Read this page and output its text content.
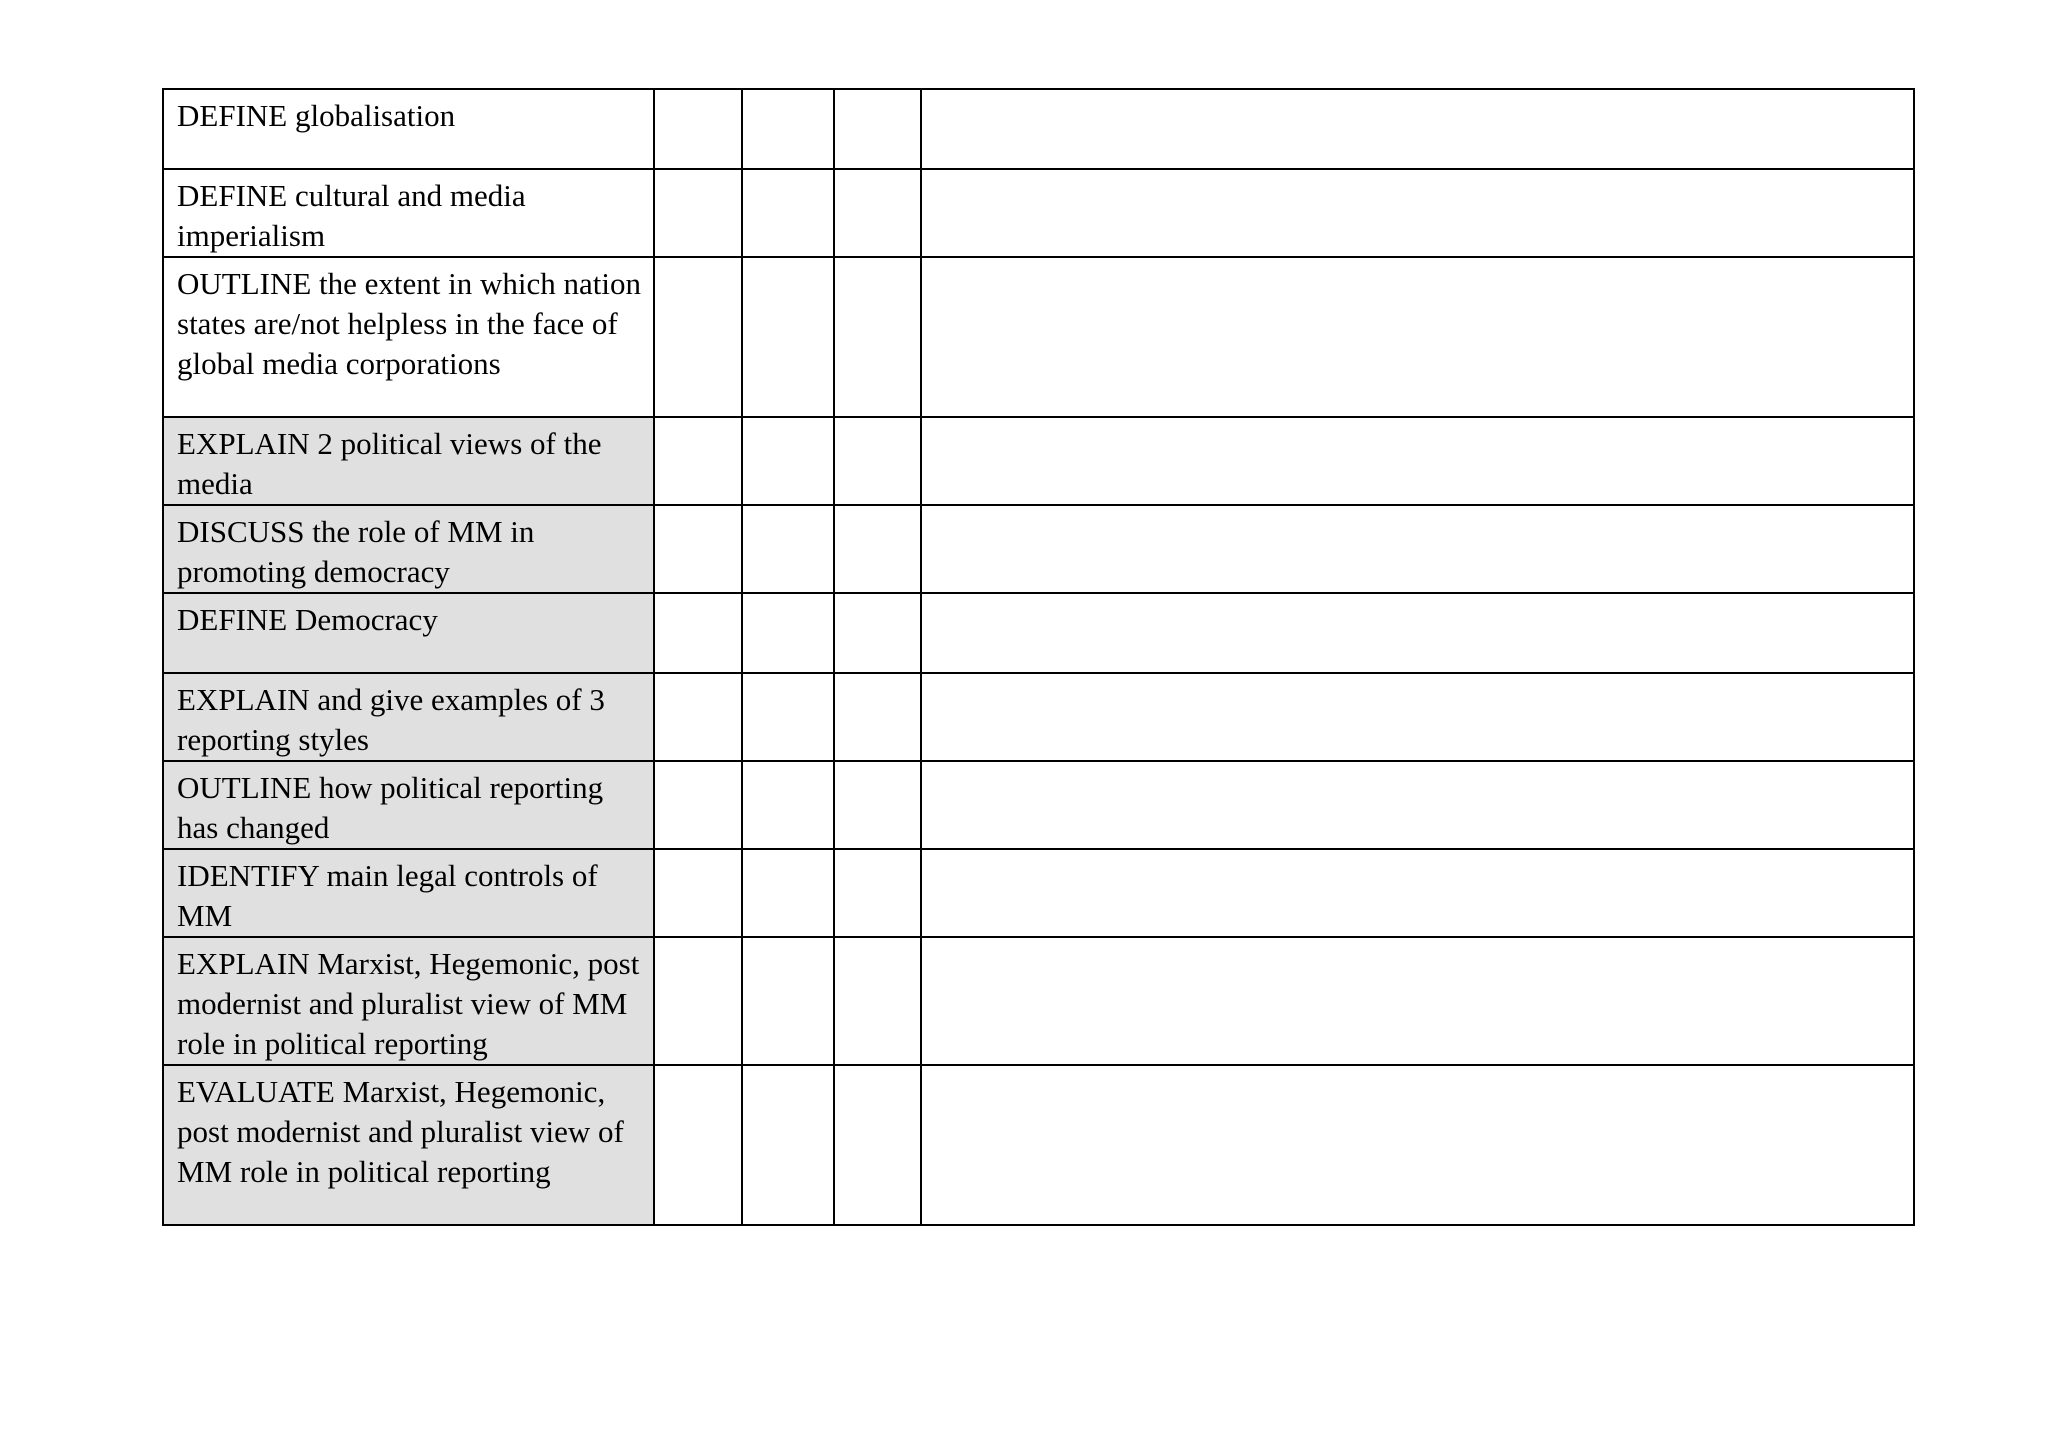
DEFINE globalisation				
DEFINE cultural and media imperialism				
OUTLINE the extent in which nation states are/not helpless in the face of global media corporations				
EXPLAIN 2 political views of the media				
DISCUSS the role of MM in promoting democracy				
DEFINE Democracy				
EXPLAIN and give examples of 3 reporting styles				
OUTLINE how political reporting has changed				
IDENTIFY main legal controls of MM				
EXPLAIN Marxist, Hegemonic, post modernist and pluralist view of MM role in political reporting				
EVALUATE Marxist, Hegemonic, post modernist and pluralist view of MM role in political reporting				
